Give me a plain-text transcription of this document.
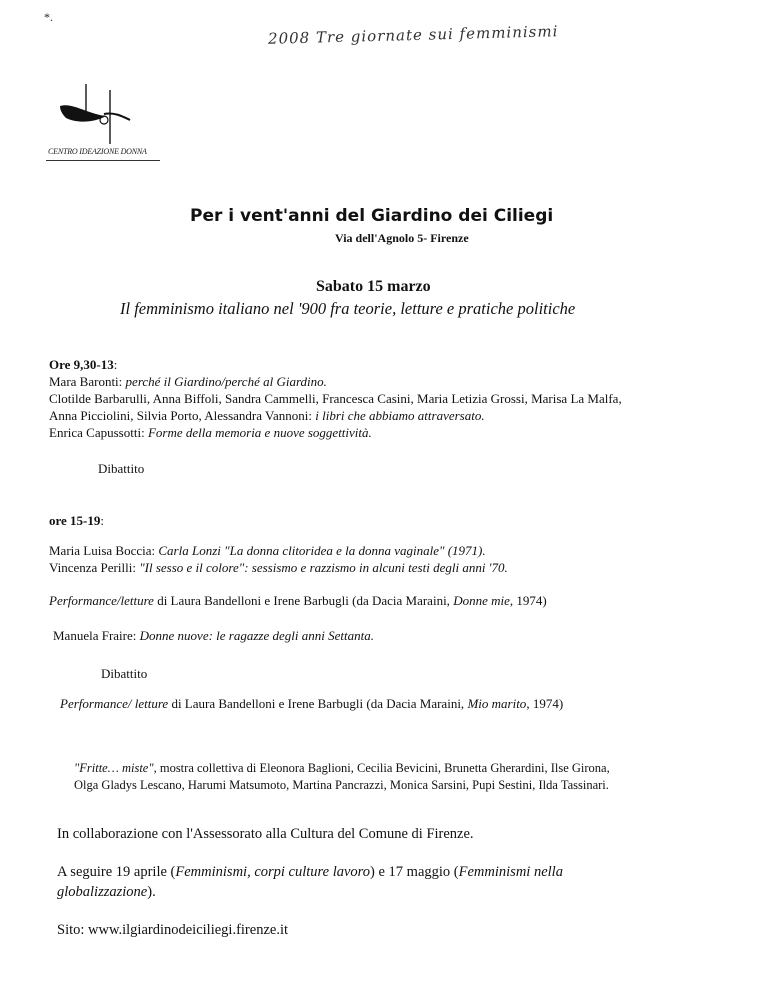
*.
2008 Tre giornate sui femminismi
CENTRO IDEAZIONE DONNA
Per i vent'anni del Giardino dei Ciliegi
Via dell'Agnolo 5- Firenze
Sabato 15 marzo
Il femminismo italiano nel '900 fra teorie, letture e pratiche politiche

Ore 9,30-13:

Mara Baronti: perché il Giardino/perché al Giardino.

Clotilde Barbarulli, Anna Biffoli, Sandra Cammelli, Francesca Casini, Maria Letizia Grossi, Marisa La Malfa,

Anna Picciolini, Silvia Porto, Alessandra Vannoni: i libri che abbiamo attraversato.

Enrica Capussotti: Forme della memoria e nuove soggettività.

Dibattito
ore 15-19:

Maria Luisa Boccia: Carla Lonzi "La donna clitoridea e la donna vaginale" (1971).

Vincenza Perilli: "Il sesso e il colore": sessismo e razzismo in alcuni testi degli anni '70.

Performance/letture di Laura Bandelloni e Irene Barbugli (da Dacia Maraini, Donne mie, 1974)
Manuela Fraire: Donne nuove: le ragazze degli anni Settanta.
Dibattito
Performance/ letture di Laura Bandelloni e Irene Barbugli (da Dacia Maraini, Mio marito, 1974)

"Fritte… miste", mostra collettiva di Eleonora Baglioni, Cecilia Bevicini, Brunetta Gherardini, Ilse Girona,

Olga Gladys Lescano, Harumi Matsumoto, Martina Pancrazzi, Monica Sarsini, Pupi Sestini, Ilda Tassinari.

In collaborazione con l'Assessorato alla Cultura del Comune di Firenze.

A seguire 19 aprile (Femminismi, corpi culture lavoro) e 17 maggio (Femminismi nella

globalizzazione).

Sito: www.ilgiardinodeiciliegi.firenze.it
